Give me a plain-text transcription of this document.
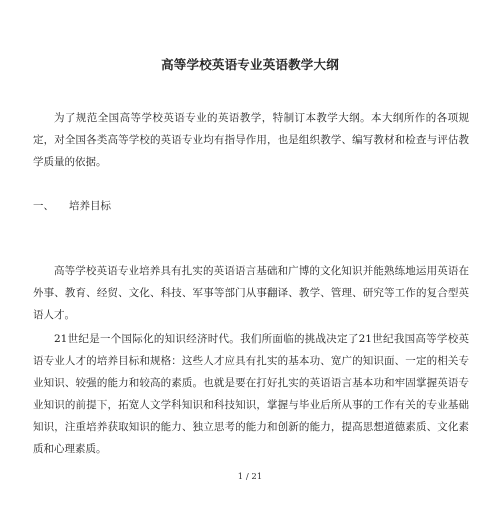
高等学校英语专业英语教学大纲

为了规范全国高等学校英语专业的英语教学，特制订本教学大纲。本大纲所作的各项规定，对全国各类高等学校的英语专业均有指导作用，也是组织教学、编写教材和检查与评估教学质量的依据。

一、 培养目标

高等学校英语专业培养具有扎实的英语语言基础和广博的文化知识并能熟练地运用英语在外事、教育、经贸、文化、科技、军事等部门从事翻译、教学、管理、研究等工作的复合型英语人才。

21世纪是一个国际化的知识经济时代。我们所面临的挑战决定了21世纪我国高等学校英语专业人才的培养目标和规格：这些人才应具有扎实的基本功、宽广的知识面、一定的相关专业知识、较强的能力和较高的素质。也就是要在打好扎实的英语语言基本功和牢固掌握英语专业知识的前提下，拓宽人文学科知识和科技知识，掌握与毕业后所从事的工作有关的专业基础知识，注重培养获取知识的能力、独立思考的能力和创新的能力，提高思想道德素质、文化素质和心理素质。

1 / 21
